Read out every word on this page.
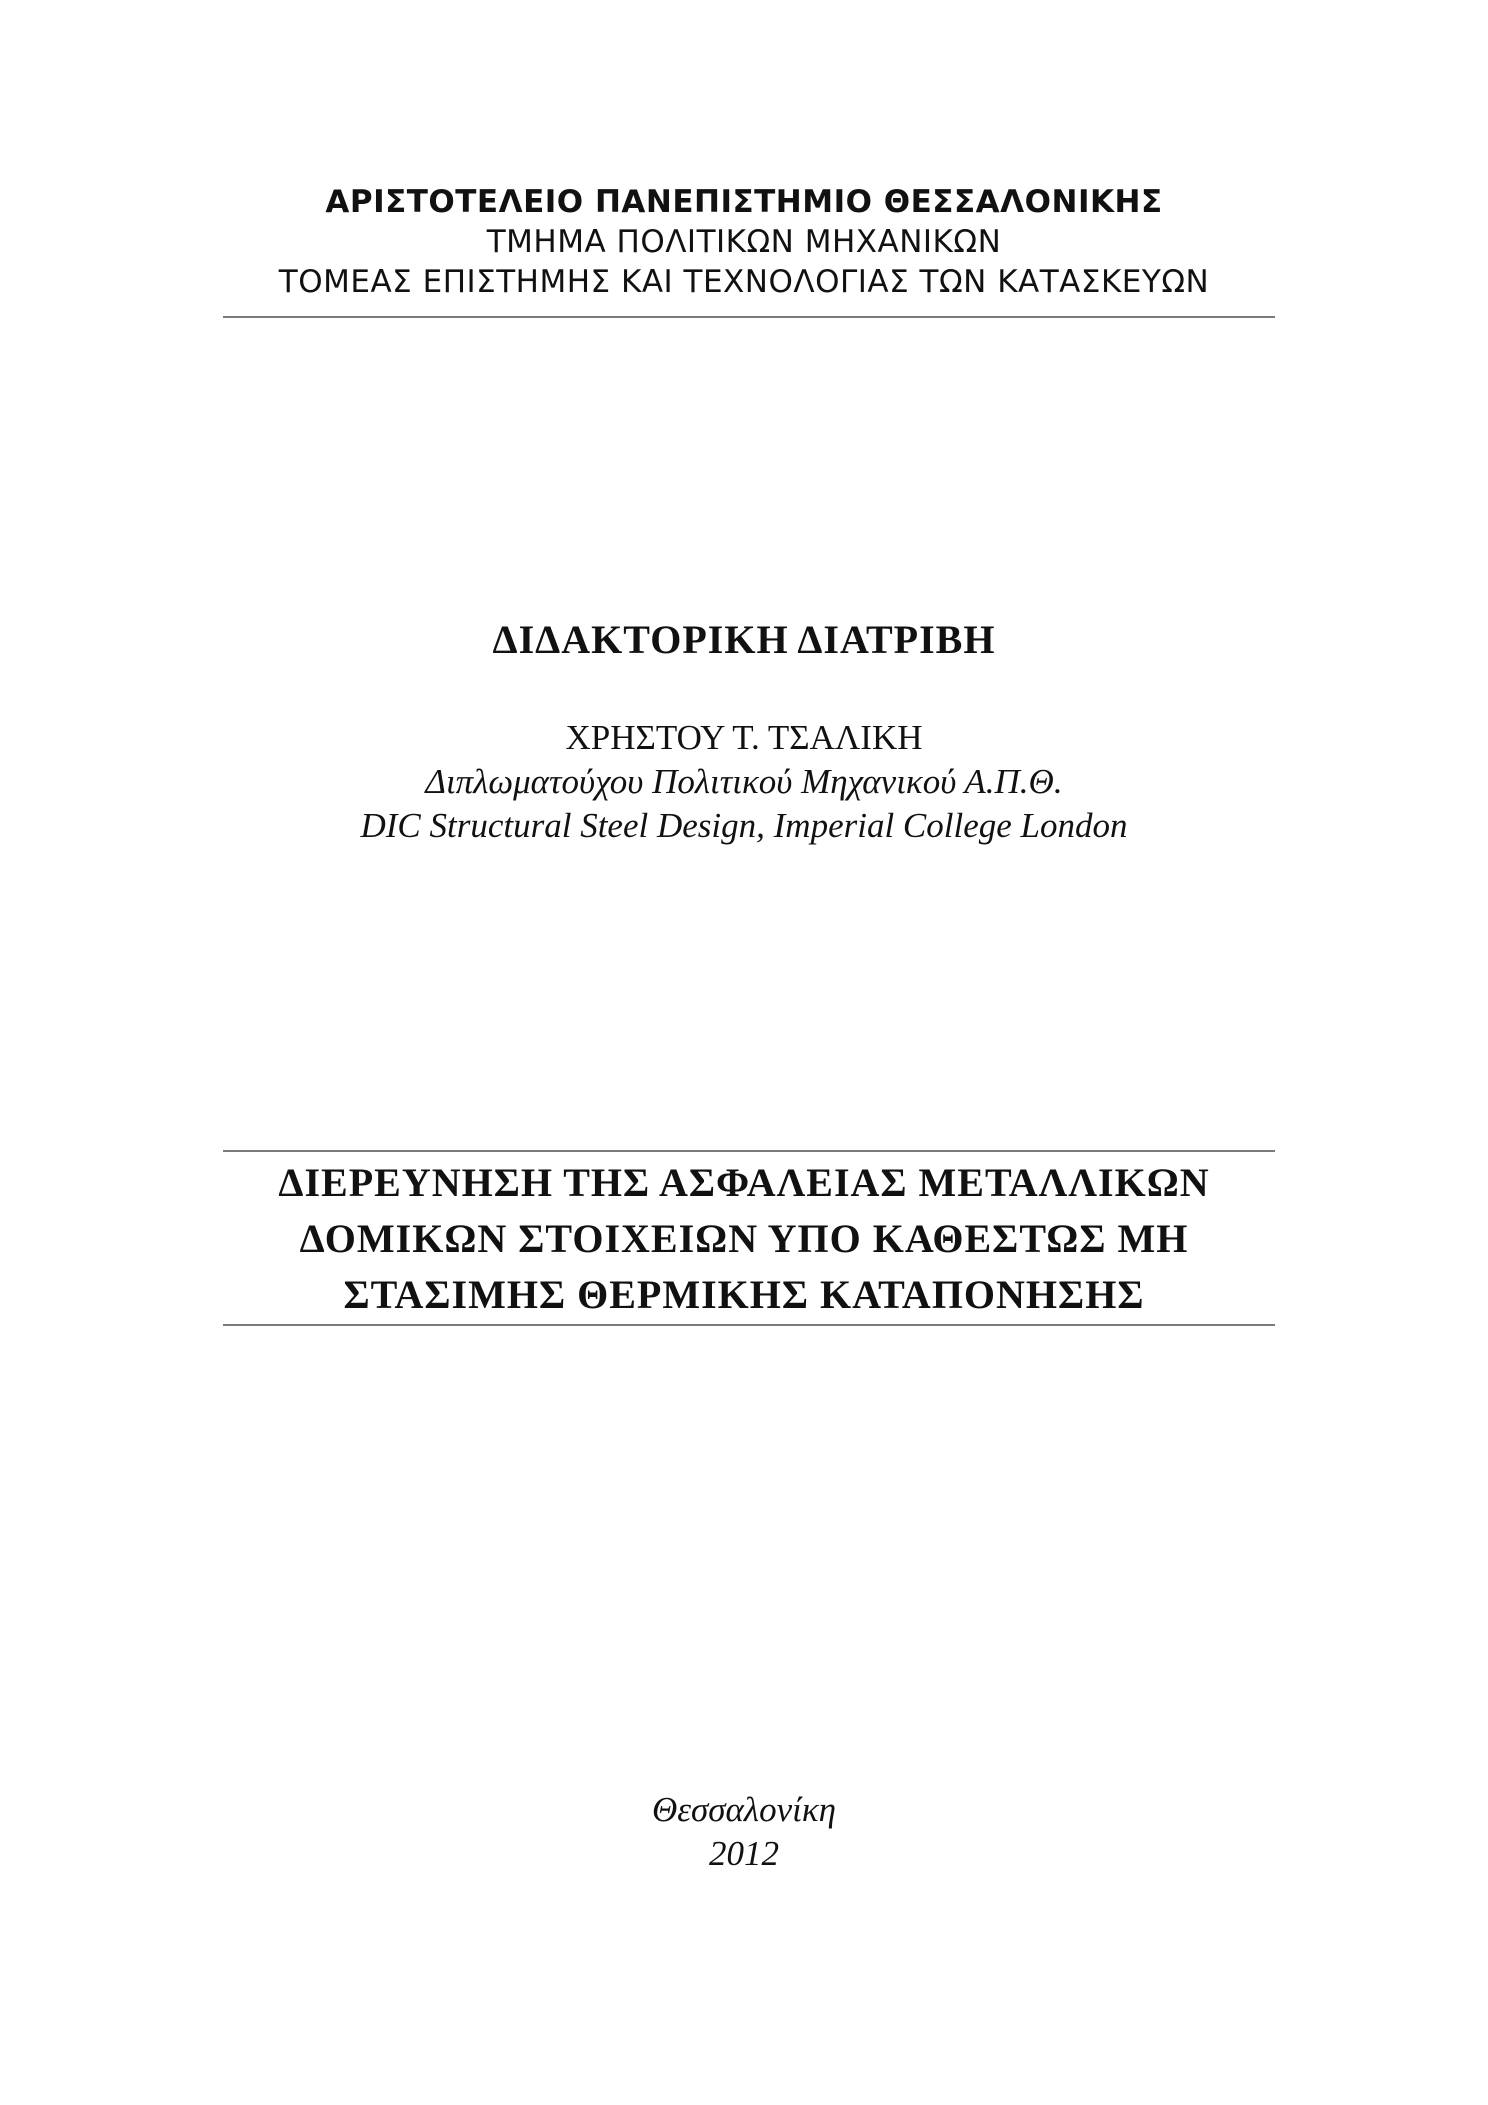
ΑΡΙΣΤΟΤΕΛΕΙΟ ΠΑΝΕΠΙΣΤΗΜΙΟ ΘΕΣΣΑΛΟΝΙΚΗΣ
ΤΜΗΜΑ ΠΟΛΙΤΙΚΩΝ ΜΗΧΑΝΙΚΩΝ
ΤΟΜΕΑΣ ΕΠΙΣΤΗΜΗΣ ΚΑΙ ΤΕΧΝΟΛΟΓΙΑΣ ΤΩΝ ΚΑΤΑΣΚΕΥΩΝ
ΔΙΔΑΚΤΟΡΙΚΗ ΔΙΑΤΡΙΒΗ
ΧΡΗΣΤΟΥ Τ. ΤΣΑΛΙΚΗ
Διπλωματούχου Πολιτικού Μηχανικού Α.Π.Θ.
DIC Structural Steel Design, Imperial College London
ΔΙΕΡΕΥΝΗΣΗ ΤΗΣ ΑΣΦΑΛΕΙΑΣ ΜΕΤΑΛΛΙΚΩΝ
ΔΟΜΙΚΩΝ ΣΤΟΙΧΕΙΩΝ ΥΠΟ ΚΑΘΕΣΤΩΣ ΜΗ
ΣΤΑΣΙΜΗΣ ΘΕΡΜΙΚΗΣ ΚΑΤΑΠΟΝΗΣΗΣ
Θεσσαλονίκη
2012
